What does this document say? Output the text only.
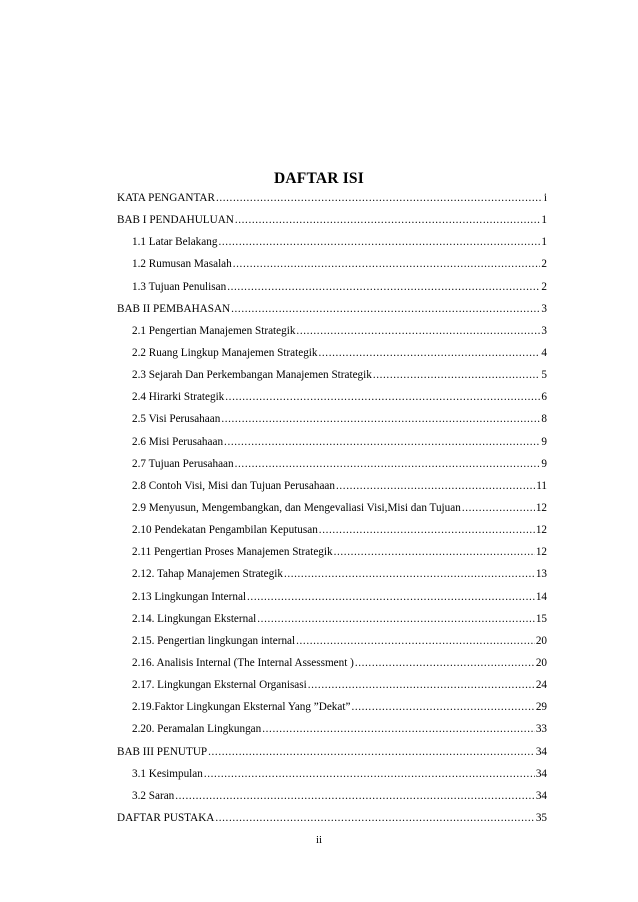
DAFTAR ISI
KATA PENGANTAR .....	i
BAB I PENDAHULUAN .....	1
1.1 Latar Belakang .....	1
1.2 Rumusan Masalah .....	2
1.3 Tujuan Penulisan .....	2
BAB II PEMBAHASAN .....	3
2.1 Pengertian Manajemen Strategik .....	3
2.2 Ruang Lingkup Manajemen Strategik .....	4
2.3 Sejarah Dan Perkembangan Manajemen Strategik .....	5
2.4 Hirarki Strategik .....	6
2.5 Visi Perusahaan .....	8
2.6 Misi Perusahaan .....	9
2.7 Tujuan Perusahaan .....	9
2.8 Contoh Visi, Misi dan Tujuan Perusahaan .....	11
2.9 Menyusun, Mengembangkan, dan Mengevaliasi Visi,Misi dan Tujuan .....	12
2.10 Pendekatan Pengambilan Keputusan .....	12
2.11 Pengertian Proses Manajemen Strategik .....	12
2.12. Tahap Manajemen Strategik .....	13
2.13 Lingkungan Internal .....	14
2.14. Lingkungan Eksternal .....	15
2.15. Pengertian lingkungan internal .....	20
2.16. Analisis Internal (The Internal Assessment ) .....	20
2.17. Lingkungan Eksternal Organisasi .....	24
2.19.Faktor Lingkungan Eksternal Yang ”Dekat” .....	29
2.20. Peramalan Lingkungan .....	33
BAB III PENUTUP .....	34
3.1 Kesimpulan .....	34
3.2 Saran .....	34
DAFTAR PUSTAKA .....	35
ii
